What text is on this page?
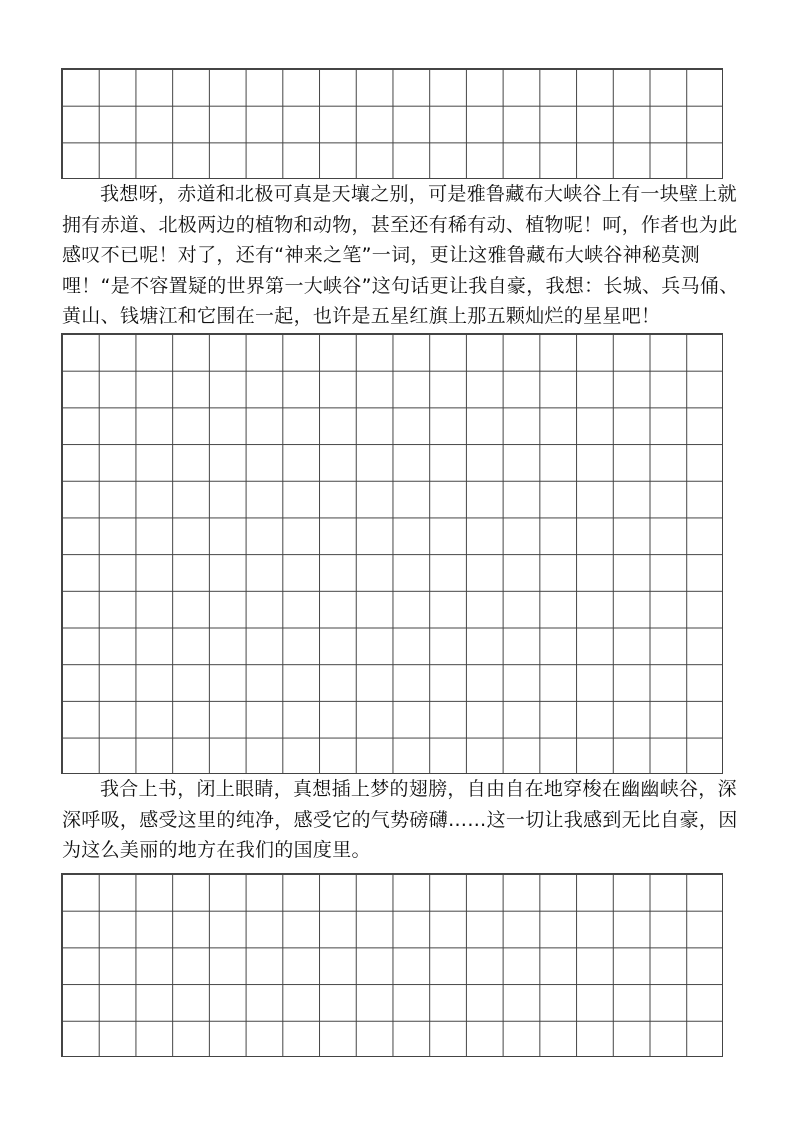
我想呀，赤道和北极可真是天壤之别，可是雅鲁藏布大峡谷上有一块壁上就拥有赤道、北极两边的植物和动物，甚至还有稀有动、植物呢！呵，作者也为此感叹不已呢！对了，还有“神来之笔”一词，更让这雅鲁藏布大峡谷神秘莫测哩！“是不容置疑的世界第一大峡谷”这句话更让我自豪，我想：长城、兵马俑、黄山、钱塘江和它围在一起，也许是五星红旗上那五颗灿烂的星星吧！

我合上书，闭上眼睛，真想插上梦的翅膀，自由自在地穿梭在幽幽峡谷，深深呼吸，感受这里的纯净，感受它的气势磅礴……这一切让我感到无比自豪，因为这么美丽的地方在我们的国度里。
